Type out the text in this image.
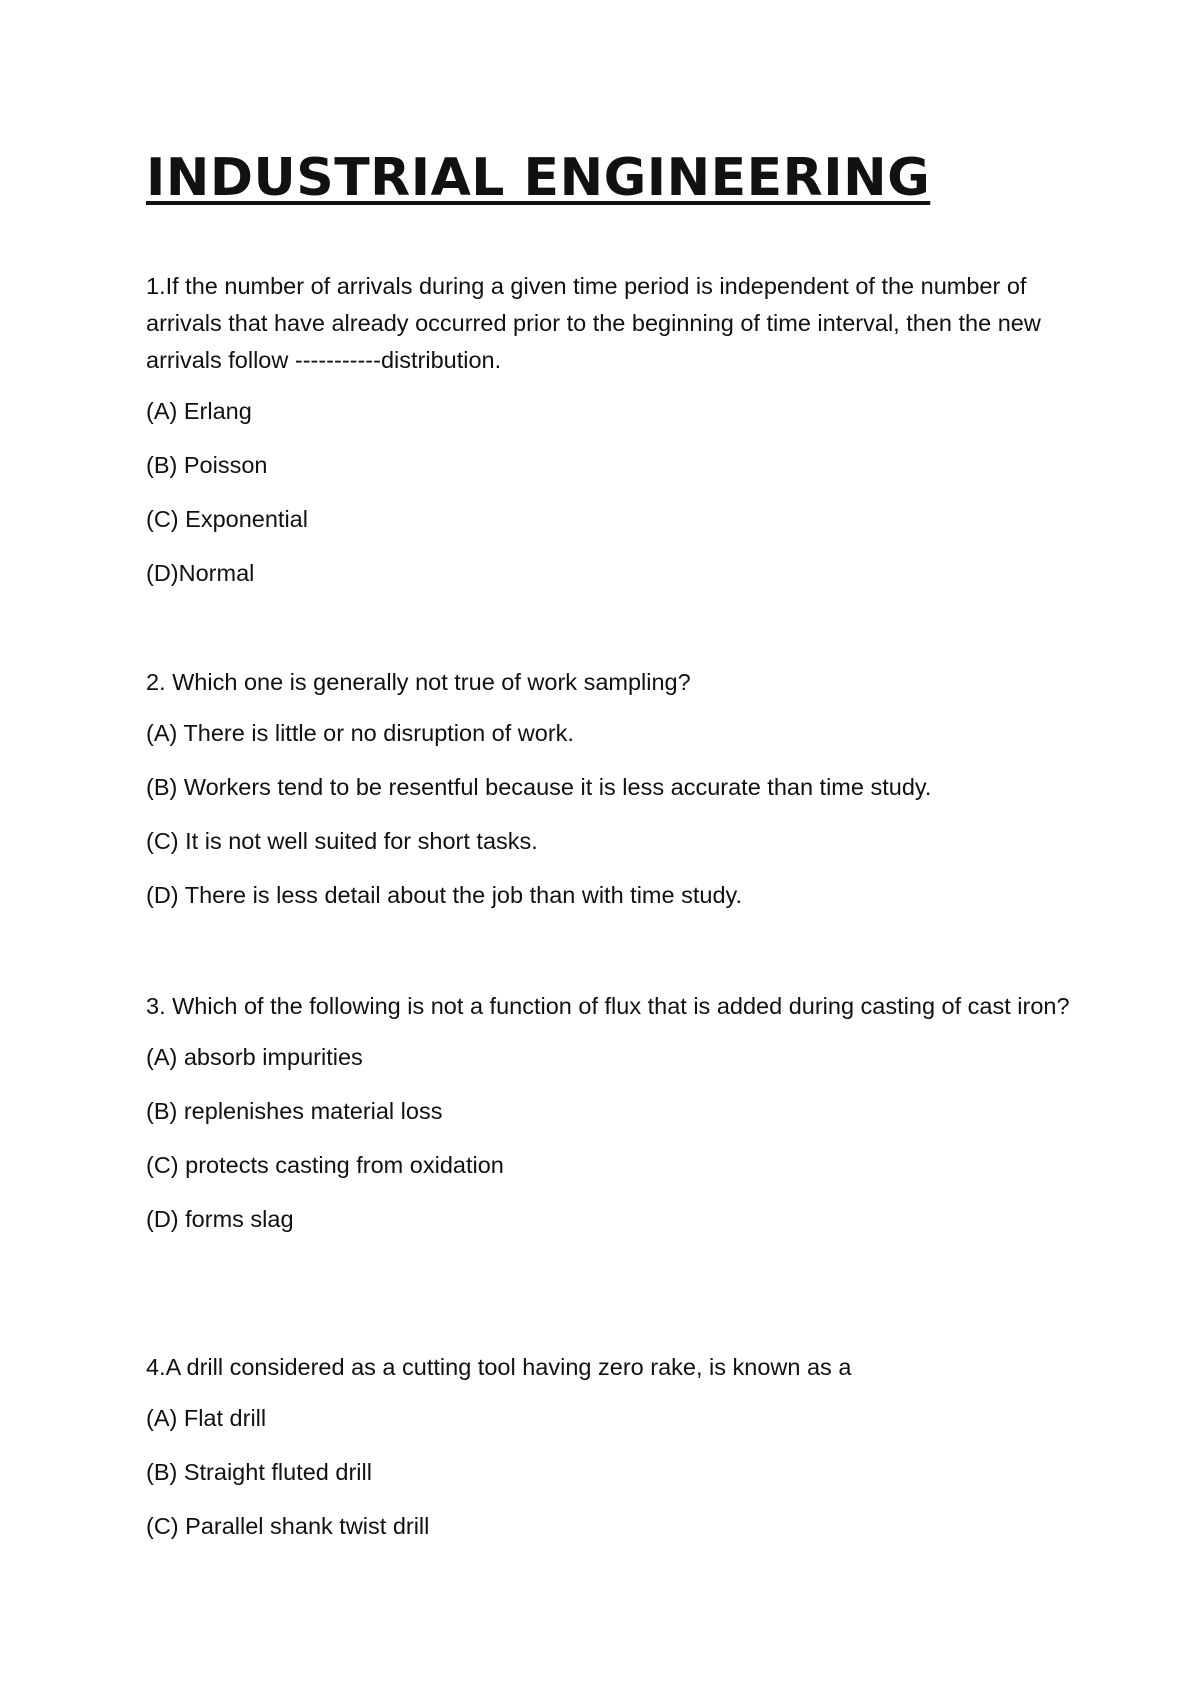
INDUSTRIAL ENGINEERING

1.If the number of arrivals during a given time period is independent of the number of arrivals that have already occurred prior to the beginning of time interval, then the new arrivals follow -----------distribution.

(A) Erlang

(B) Poisson

(C) Exponential

(D)Normal

2. Which one is generally not true of work sampling?

(A) There is little or no disruption of work.

(B) Workers tend to be resentful because it is less accurate than time study.

(C) It is not well suited for short tasks.

(D) There is less detail about the job than with time study.

3. Which of the following is not a function of flux that is added during casting of cast iron?

(A) absorb impurities

(B) replenishes material loss

(C) protects casting from oxidation

(D) forms slag

4.A drill considered as a cutting tool having zero rake, is known as a

(A) Flat drill

(B) Straight fluted drill

(C) Parallel shank twist drill
